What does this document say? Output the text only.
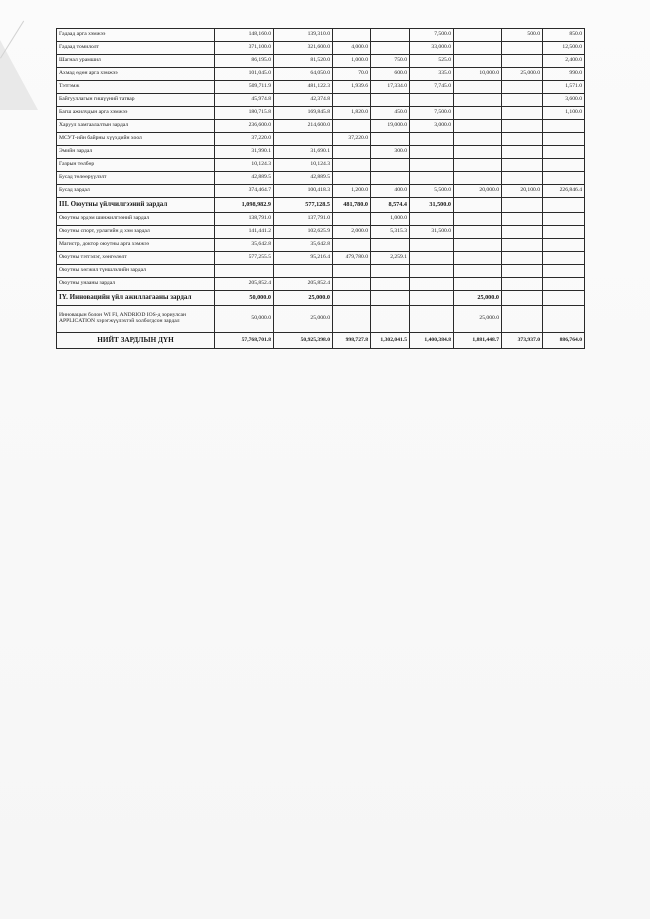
Гадаад арга хэмжээ	148,160.0	139,310.0			7,500.0		500.0	850.0
Гадаад томилолт	371,100.0	321,600.0	4,000.0		33,000.0			12,500.0
Шагнал урамшил	86,195.0	81,520.0	1,000.0	750.0	525.0			2,400.0
Ахмад өдөн арга хэмжээ	101,045.0	64,050.0	70.0	600.0	335.0	10,000.0	25,000.0	990.0
Тэтгэмж	509,711.9	481,122.3	1,939.6	17,334.0	7,745.0			1,571.0
Байгууллагын гишүүний татвар	45,974.8	42,374.8						3,600.0
Багш ажилчдын арга хэмжээ	180,715.8	169,845.8	1,820.0	450.0	7,500.0			1,100.0
Харуул хамгаалалтын зардал	236,600.0	214,600.0		19,000.0	3,000.0			
МСУТ-ийн байрны хүүхдийн хоол	37,220.0		37,220.0					
Эмийн зардал	31,990.1	31,690.1		300.0				
Газрын төлбөр	10,124.3	10,124.3						
Бусад төлөөрүүлэлт	42,889.5	42,889.5						
Бусад зардал	374,464.7	100,418.3	1,200.0	400.0	5,500.0	20,000.0	20,100.0	226,846.4
III. Оюутны үйлчилгээний зардал	1,098,982.9	577,128.5	481,780.0	8,574.4	31,500.0			
Оюутны эрдэм шинжилгээний зардал	138,791.0	137,791.0		1,000.0				
Оюутны спорт, урлагийн д хэм зардал	141,441.2	102,625.9	2,000.0	5,315.3	31,500.0			
Магистр, доктор оюутны арга хэмжээ	35,642.8	35,642.8						
Оюутны тэтгэлэг, хөнгөлөлт	577,255.5	95,216.4	479,780.0	2,259.1				
Оюутны хөгжил түншлэлийн зардал								
Оюутны унааны зардал	205,852.4	205,852.4						
IY. Инновацийн үйл ажиллагааны зардал	50,000.0	25,000.0				25,000.0		
Инновацын болон WI FI, ANDRIOD IOS-д зориулсан APPLICATION хэрэгжүүлэхтэй холбогдсон зардал	50,000.0	25,000.0				25,000.0		
НИЙТ ЗАРДЛЫН ДҮН	57,768,701.8	50,925,398.0	998,727.8	1,302,041.5	1,400,384.8	1,881,448.7	373,937.0	886,764.0
